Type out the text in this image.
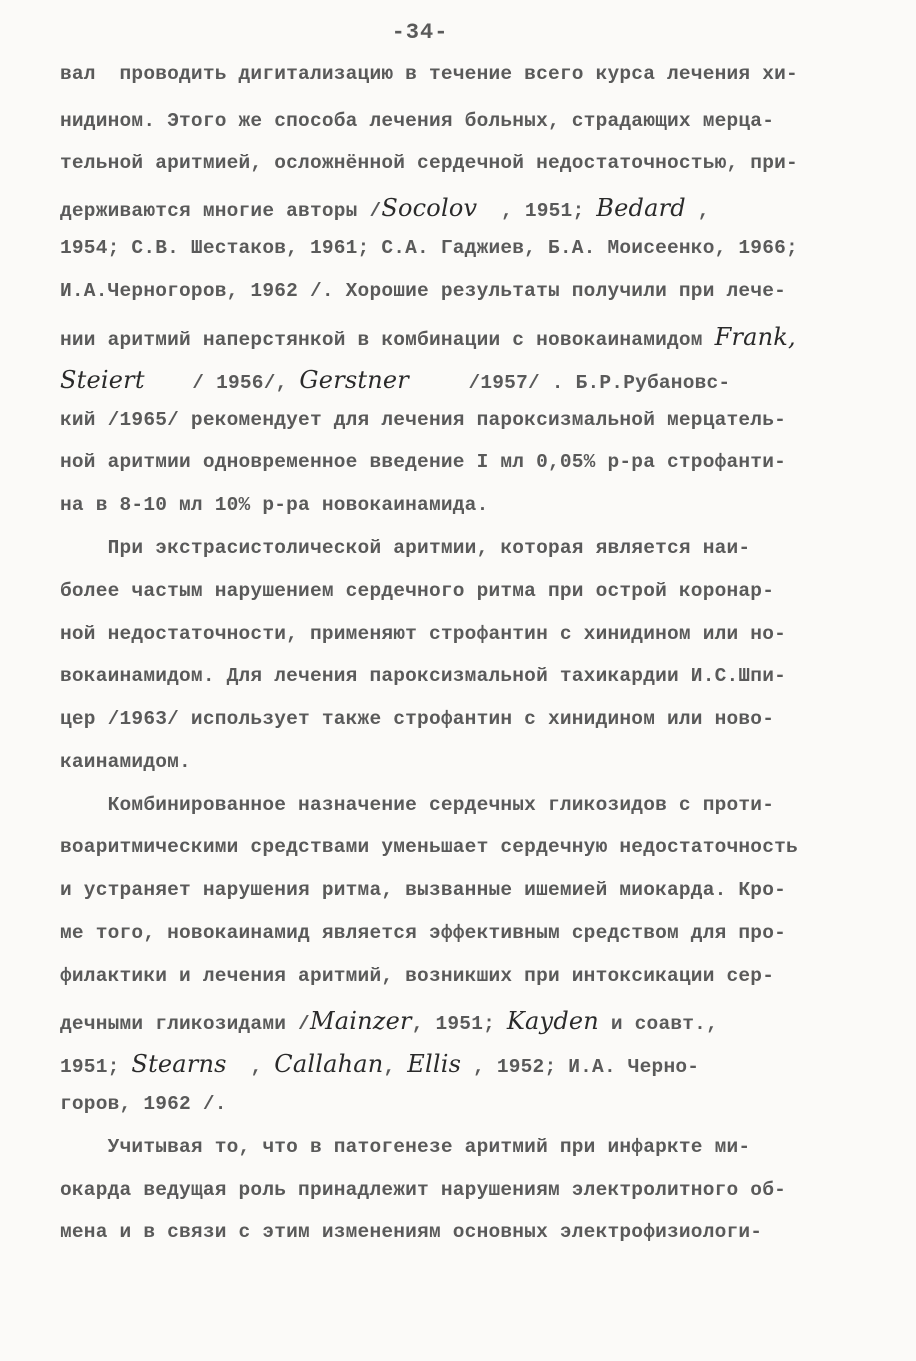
-34-
вал  проводить дигитализацию в течение всего курса лечения хи-
нидином. Этого же способа лечения больных, страдающих мерца-
тельной аритмией, осложнённой сердечной недостаточностью, при-
держиваются многие авторы /Socolov  , 1951; Bedard ,
1954; С.В. Шестаков, 1961; С.А. Гаджиев, Б.А. Моисеенко, 1966;
И.А.Черногоров, 1962 /. Хорошие результаты получили при лече-
нии аритмий наперстянкой в комбинации с новокаинамидом Frank,
Steiert    / 1956/, Gerstner     /1957/ . Б.Р.Рубановс-
кий /1965/ рекомендует для лечения пароксизмальной мерцатель-
ной аритмии одновременное введение I мл 0,05% р-ра строфанти-
на в 8-10 мл 10% р-ра новокаинамида.
При экстрасистолической аритмии, которая является наи-
более частым нарушением сердечного ритма при острой коронар-
ной недостаточности, применяют строфантин с хинидином или но-
вокаинамидом. Для лечения пароксизмальной тахикардии И.С.Шпи-
цер /1963/ использует также строфантин с хинидином или ново-
каинамидом.
Комбинированное назначение сердечных гликозидов с проти-
воаритмическими средствами уменьшает сердечную недостаточность
и устраняет нарушения ритма, вызванные ишемией миокарда. Кро-
ме того, новокаинамид является эффективным средством для про-
филактики и лечения аритмий, возникших при интоксикации сер-
дечными гликозидами /Mainzer, 1951; Kayden и соавт.,
1951; Stearns  , Callahan, Ellis , 1952; И.А. Черно-
горов, 1962 /.
Учитывая то, что в патогенезе аритмий при инфаркте ми-
окарда ведущая роль принадлежит нарушениям электролитного об-
мена и в связи с этим изменениям основных электрофизиологи-
